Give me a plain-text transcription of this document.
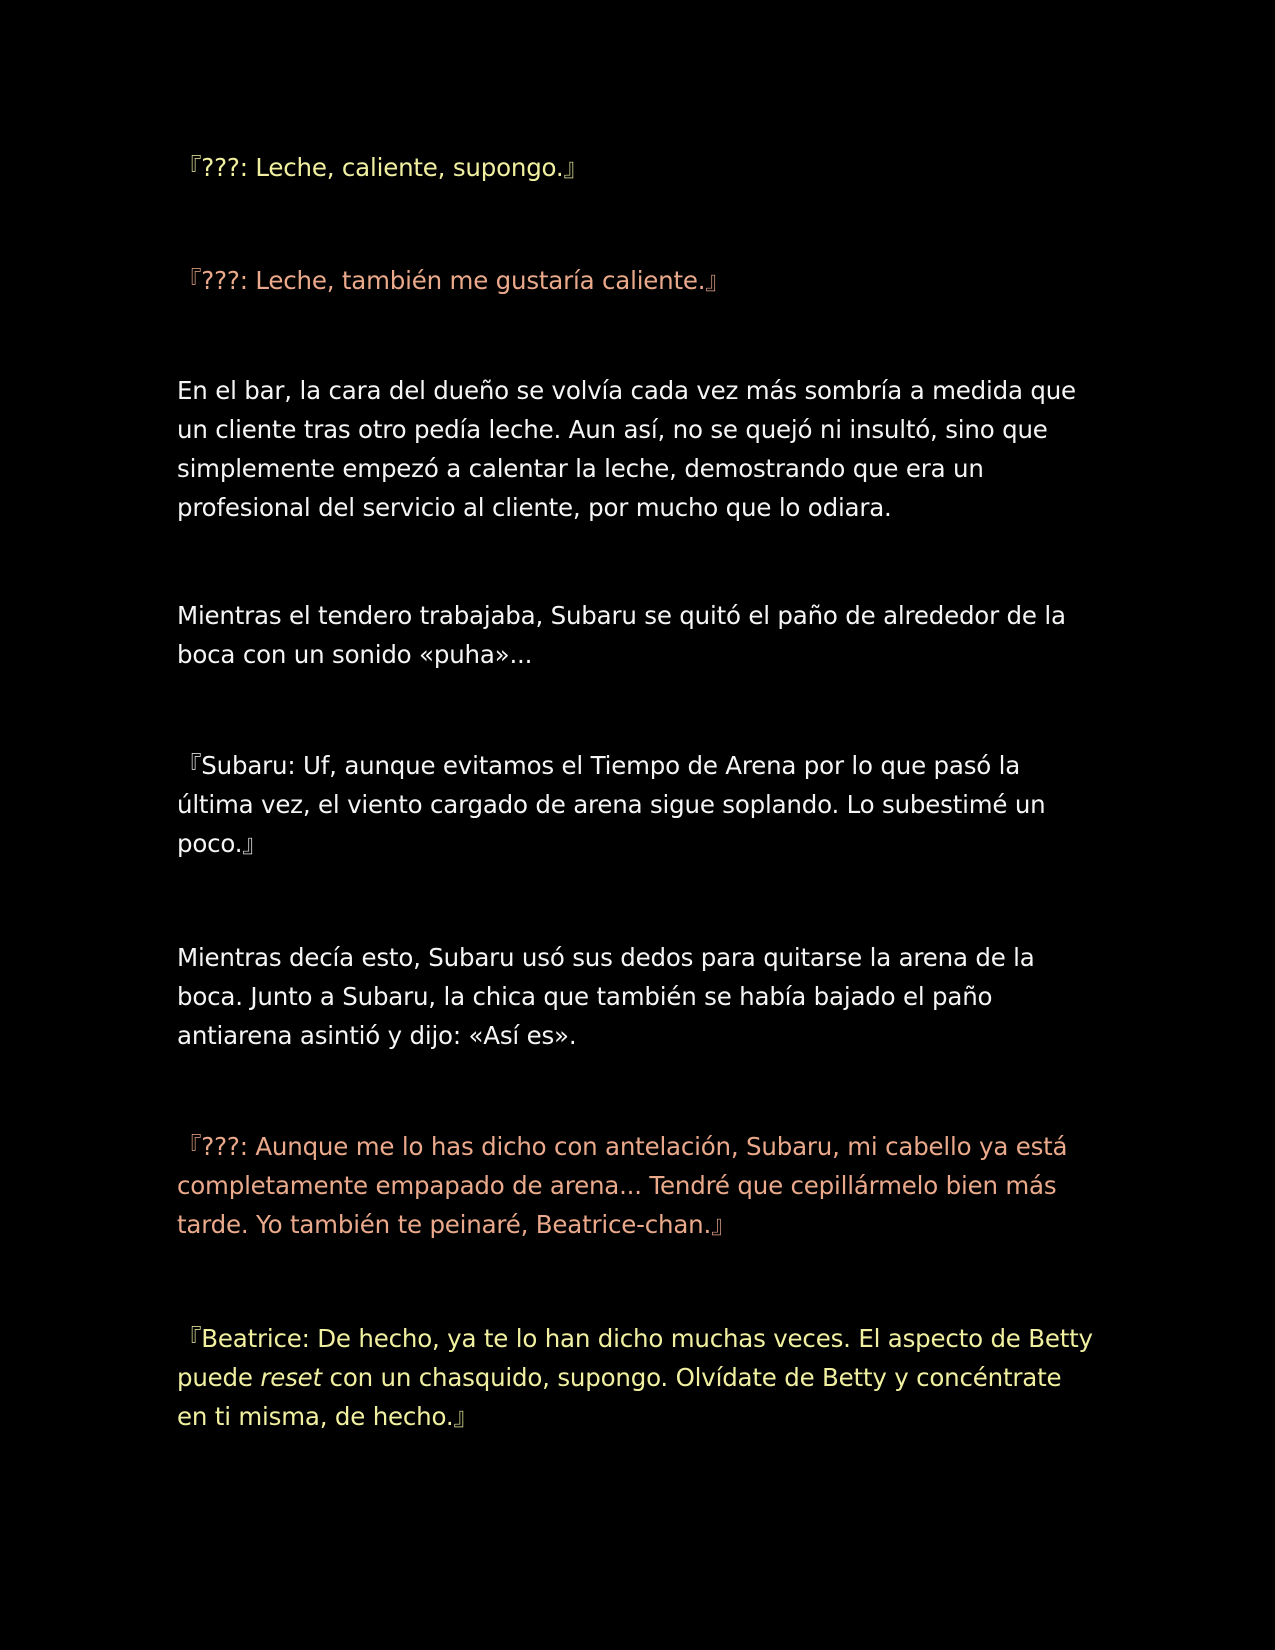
『???: Leche, caliente, supongo.』

『???: Leche, también me gustaría caliente.』

En el bar, la cara del dueño se volvía cada vez más sombría a medida que un cliente tras otro pedía leche. Aun así, no se quejó ni insultó, sino que simplemente empezó a calentar la leche, demostrando que era un profesional del servicio al cliente, por mucho que lo odiara.

Mientras el tendero trabajaba, Subaru se quitó el paño de alrededor de la boca con un sonido «puha»...

『Subaru: Uf, aunque evitamos el Tiempo de Arena por lo que pasó la última vez, el viento cargado de arena sigue soplando. Lo subestimé un poco.』

Mientras decía esto, Subaru usó sus dedos para quitarse la arena de la boca. Junto a Subaru, la chica que también se había bajado el paño antiarena asintió y dijo: «Así es».

『???: Aunque me lo has dicho con antelación, Subaru, mi cabello ya está completamente empapado de arena... Tendré que cepillármelo bien más tarde. Yo también te peinaré, Beatrice-chan.』

『Beatrice: De hecho, ya te lo han dicho muchas veces. El aspecto de Betty puede reset con un chasquido, supongo. Olvídate de Betty y concéntrate en ti misma, de hecho.』
